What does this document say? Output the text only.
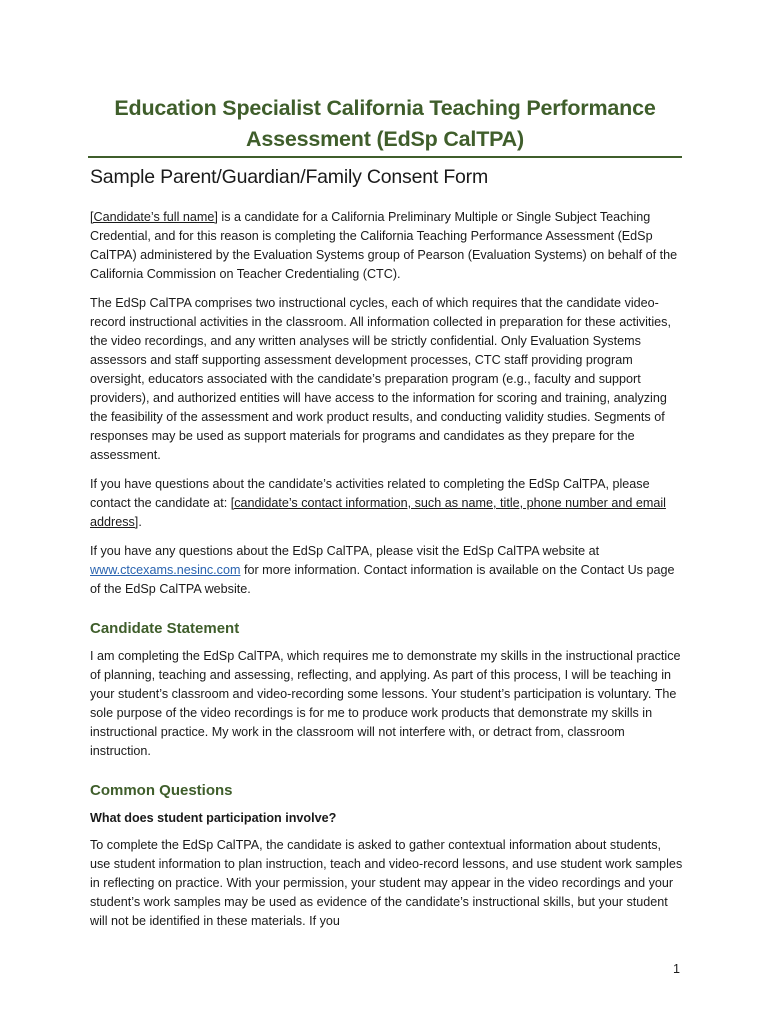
Education Specialist California Teaching Performance Assessment (EdSp CalTPA)
Sample Parent/Guardian/Family Consent Form

[Candidate’s full name] is a candidate for a California Preliminary Multiple or Single Subject Teaching Credential, and for this reason is completing the California Teaching Performance Assessment (EdSp CalTPA) administered by the Evaluation Systems group of Pearson (Evaluation Systems) on behalf of the California Commission on Teacher Credentialing (CTC).

The EdSp CalTPA comprises two instructional cycles, each of which requires that the candidate video-record instructional activities in the classroom. All information collected in preparation for these activities, the video recordings, and any written analyses will be strictly confidential. Only Evaluation Systems assessors and staff supporting assessment development processes, CTC staff providing program oversight, educators associated with the candidate’s preparation program (e.g., faculty and support providers), and authorized entities will have access to the information for scoring and training, analyzing the feasibility of the assessment and work product results, and conducting validity studies. Segments of responses may be used as support materials for programs and candidates as they prepare for the assessment.

If you have questions about the candidate’s activities related to completing the EdSp CalTPA, please contact the candidate at: [candidate’s contact information, such as name, title, phone number and email address].

If you have any questions about the EdSp CalTPA, please visit the EdSp CalTPA website at www.ctcexams.nesinc.com for more information. Contact information is available on the Contact Us page of the EdSp CalTPA website.

Candidate Statement

I am completing the EdSp CalTPA, which requires me to demonstrate my skills in the instructional practice of planning, teaching and assessing, reflecting, and applying. As part of this process, I will be teaching in your student’s classroom and video-recording some lessons. Your student’s participation is voluntary. The sole purpose of the video recordings is for me to produce work products that demonstrate my skills in instructional practice. My work in the classroom will not interfere with, or detract from, classroom instruction.

Common Questions
What does student participation involve?

To complete the EdSp CalTPA, the candidate is asked to gather contextual information about students, use student information to plan instruction, teach and video-record lessons, and use student work samples in reflecting on practice. With your permission, your student may appear in the video recordings and your student’s work samples may be used as evidence of the candidate’s instructional skills, but your student will not be identified in these materials. If you

1
